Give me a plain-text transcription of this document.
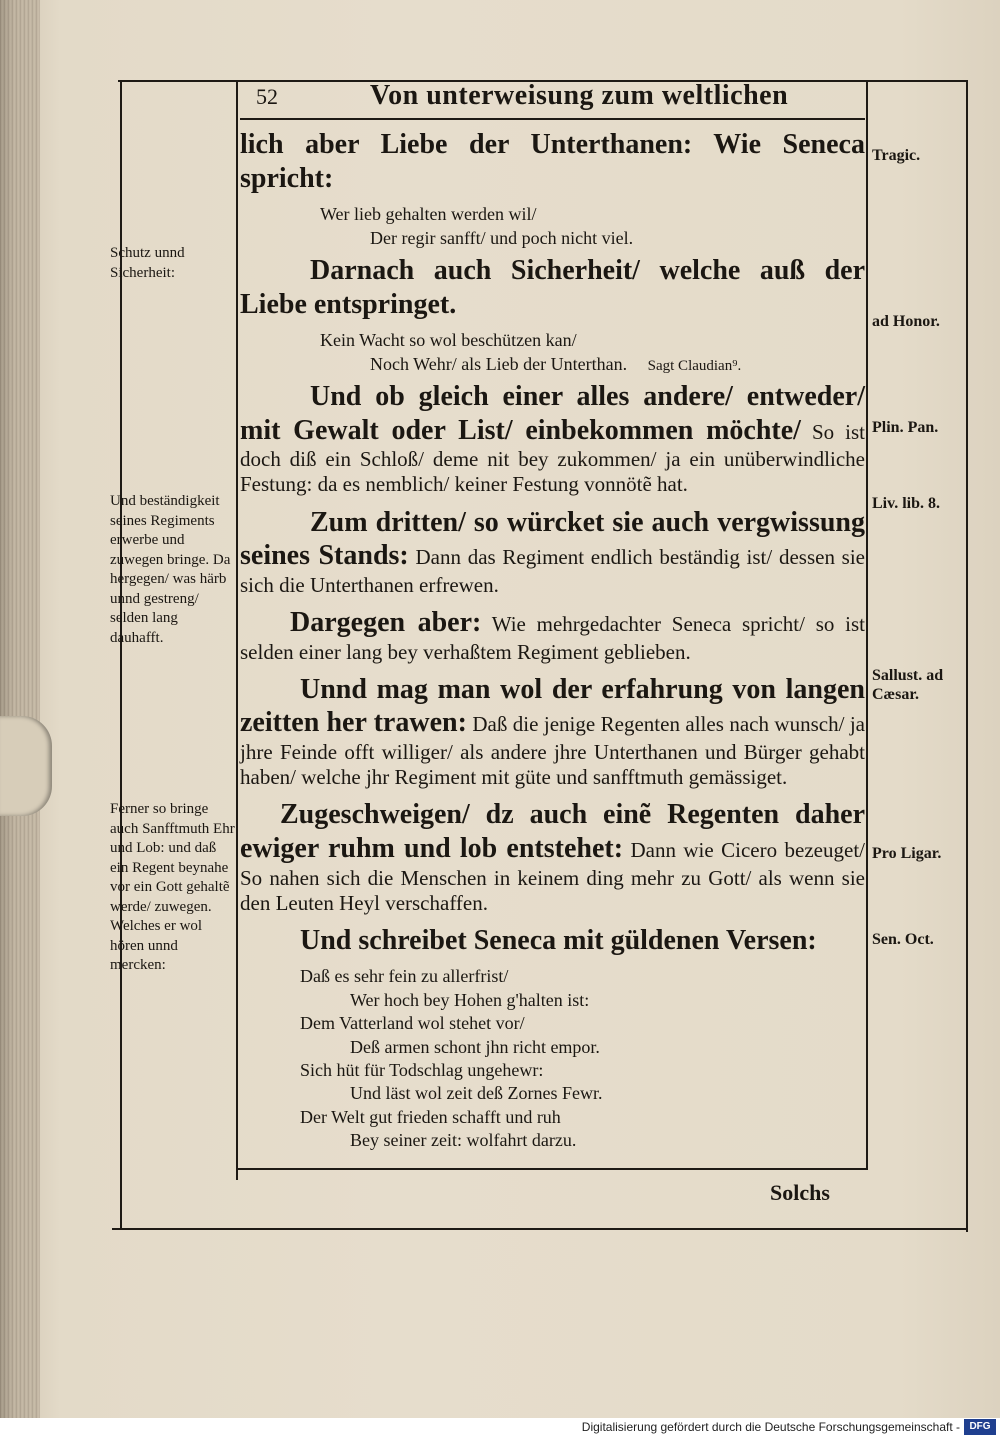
52	Von unterweisung zum weltlichen

lich aber Liebe der Unterthanen: Wie Seneca spricht:

Wer lieb gehalten werden wil/
Der regir sanfft/ und poch nicht viel.

Darnach auch Sicherheit/ welche auß der Liebe entspringet.

Kein Wacht so wol beschützen kan/
Noch Wehr/ als Lieb der Unterthan. Sagt Claudian⁹.

Und ob gleich einer alles andere/ entweder/ mit Gewalt oder List/ einbekommen möchte/ So ist doch diß ein Schloß/ deme nit bey zukommen/ ja ein unüberwindliche Festung: da es nemblich/ keiner Festung vonnötẽ hat.

Zum dritten/ so würcket sie auch vergwissung seines Stands: Dann das Regiment endlich beständig ist/ dessen sie sich die Unterthanen erfrewen.

Dargegen aber: Wie mehrgedachter Seneca spricht/ so ist selden einer lang bey verhaßtem Regiment geblieben.

Unnd mag man wol der erfahrung von langen zeitten her trawen: Daß die jenige Regenten alles nach wunsch/ ja jhre Feinde offt williger/ als andere jhre Unterthanen und Bürger gehabt haben/ welche jhr Regiment mit güte und sanfftmuth gemässiget.

Zugeschweigen/ dz auch einẽ Regenten daher ewiger ruhm und lob entstehet: Dann wie Cicero bezeuget/ So nahen sich die Menschen in keinem ding mehr zu Gott/ als wenn sie den Leuten Heyl verschaffen.

Und schreibet Seneca mit güldenen Versen:

Daß es sehr fein zu allerfrist/
Wer hoch bey Hohen g'halten ist:
Dem Vatterland wol stehet vor/
Deß armen schont jhn richt empor.
Sich hüt für Todschlag ungehewr:
Und läst wol zeit deß Zornes Fewr.
Der Welt gut frieden schafft und ruh
Bey seiner zeit: wolfahrt darzu.
Schutz unnd Sicherheit:
Und beständigkeit seines Regiments erwerbe und zuwegen bringe. Da hergegen/ was härb unnd gestreng/ selden lang dauhafft.
Ferner so bringe auch Sanfftmuth Ehr und Lob: und daß ein Regent beynahe vor ein Gott gehaltẽ werde/ zuwegen. Welches er wol hören unnd mercken:
Tragic.
ad Honor.
Plin. Pan.
Liv. lib. 8.
Sallust. ad Cæsar.
Pro Ligar.
Sen. Oct.
Solchs
Digitalisierung gefördert durch die Deutsche Forschungsgemeinschaft - DFG
